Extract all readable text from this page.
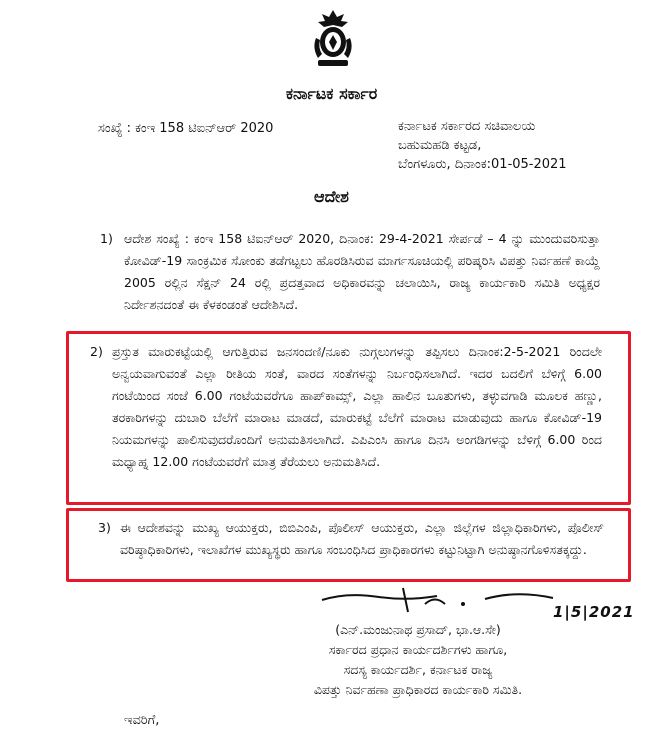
ಕರ್ನಾಟಕ ಸರ್ಕಾರ
ಸಂಖ್ಯೆ : ಕಂಇ 158 ಟಿಐನ್ಆರ್ 2020	ಕರ್ನಾಟಕ ಸರ್ಕಾರದ ಸಚಿವಾಲಯ
ಬಹುಮಹಡಿ ಕಟ್ಟಡ,
ಬೆಂಗಳೂರು, ದಿನಾಂಕ:01-05-2021
ಆದೇಶ
1) ಆದೇಶ ಸಂಖ್ಯೆ : ಕಂಇ 158 ಟಿಐನ್ಆರ್ 2020, ದಿನಾಂಕ: 29-4-2021 ಸೇರ್ಪಡೆ – 4 ನ್ನು ಮುಂದುವರಿಸುತ್ತಾ ಕೋವಿಡ್-19 ಸಾಂಕ್ರಮಿಕ ಸೋಂಕು ತಡೆಗಟ್ಟಲು ಹೊರಡಿಸಿರುವ ಮಾರ್ಗಸೂಚಿಯಲ್ಲಿ ಪರಿಷ್ಕರಿಸಿ ವಿಪತ್ತು ನಿರ್ವಹಣೆ ಕಾಯ್ದೆ 2005 ರಲ್ಲಿನ ಸೆಕ್ಷನ್ 24 ರಲ್ಲಿ ಪ್ರದತ್ತವಾದ ಅಧಿಕಾರವನ್ನು ಚಲಾಯಿಸಿ, ರಾಜ್ಯ ಕಾರ್ಯಕಾರಿ ಸಮಿತಿ ಅಧ್ಯಕ್ಷರ ನಿರ್ದೇಶನದಂತೆ ಈ ಕೆಳಕಂಡಂತೆ ಆದೇಶಿಸಿದೆ.
2) ಪ್ರಸ್ತುತ ಮಾರುಕಟ್ಟೆಯಲ್ಲಿ ಆಗುತ್ತಿರುವ ಜನಸಂದಣಿ/ನೂಕು ನುಗ್ಗಲುಗಳನ್ನು ತಪ್ಪಿಸಲು ದಿನಾಂಕ:2-5-2021 ರಿಂದಲೇ ಅನ್ವಯವಾಗುವಂತೆ ಎಲ್ಲಾ ರೀತಿಯ ಸಂತೆ, ವಾರದ ಸಂತೆಗಳನ್ನು ನಿರ್ಬಂಧಿಸಲಾಗಿದೆ. ಇದರ ಬದಲಿಗೆ ಬೆಳಿಗ್ಗೆ 6.00 ಗಂಟೆಯಿಂದ ಸಂಜೆ 6.00 ಗಂಟೆಯವರೆಗೂ ಹಾಪ್‌ಕಾಮ್ಸ್, ಎಲ್ಲಾ ಹಾಲಿನ ಬೂತುಗಳು, ತಳ್ಳುವಗಾಡಿ ಮೂಲಕ ಹಣ್ಣು, ತರಕಾರಿಗಳನ್ನು ದುಬಾರಿ ಬೆಲೆಗೆ ಮಾರಾಟ ಮಾಡದೆ, ಮಾರುಕಟ್ಟೆ ಬೆಲೆಗೆ ಮಾರಾಟ ಮಾಡುವುದು ಹಾಗೂ ಕೋವಿಡ್-19 ನಿಯಮಗಳನ್ನು ಪಾಲಿಸುವುದರೊಂದಿಗೆ ಅನುಮತಿಸಲಾಗಿದೆ. ಎಪಿಎಂಸಿ ಹಾಗೂ ದಿನಸಿ ಅಂಗಡಿಗಳನ್ನು ಬೆಳಿಗ್ಗೆ 6.00 ರಿಂದ ಮಧ್ಯಾಹ್ನ 12.00 ಗಂಟೆಯವರೆಗೆ ಮಾತ್ರ ತೆರೆಯಲು ಅನುಮತಿಸಿದೆ.
3) ಈ ಆದೇಶವನ್ನು ಮುಖ್ಯ ಆಯುಕ್ತರು, ಬಿಬಿಎಂಪಿ, ಪೊಲೀಸ್ ಆಯುಕ್ತರು, ಎಲ್ಲಾ ಜಿಲ್ಲೆಗಳ ಜಿಲ್ಲಾಧಿಕಾರಿಗಳು, ಪೊಲೀಸ್ ವರಿಷ್ಠಾಧಿಕಾರಿಗಳು, ಇಲಾಖೆಗಳ ಮುಖ್ಯಸ್ಥರು ಹಾಗೂ ಸಂಬಂಧಿಸಿದ ಪ್ರಾಧಿಕಾರಗಳು ಕಟ್ಟುನಿಟ್ಟಾಗಿ ಅನುಷ್ಠಾನಗೊಳಿಸತಕ್ಕದ್ದು.
1|5|2021
(ಎನ್.ಮಂಜುನಾಥ ಪ್ರಸಾದ್, ಭಾ.ಆ.ಸೇ)
ಸರ್ಕಾರದ ಪ್ರಧಾನ ಕಾರ್ಯದರ್ಶಿಗಳು ಹಾಗೂ,
ಸದಸ್ಯ ಕಾರ್ಯದರ್ಶಿ, ಕರ್ನಾಟಕ ರಾಜ್ಯ
ವಿಪತ್ತು ನಿರ್ವಹಣಾ ಪ್ರಾಧಿಕಾರದ ಕಾರ್ಯಕಾರಿ ಸಮಿತಿ.
ಇವರಿಗೆ,
